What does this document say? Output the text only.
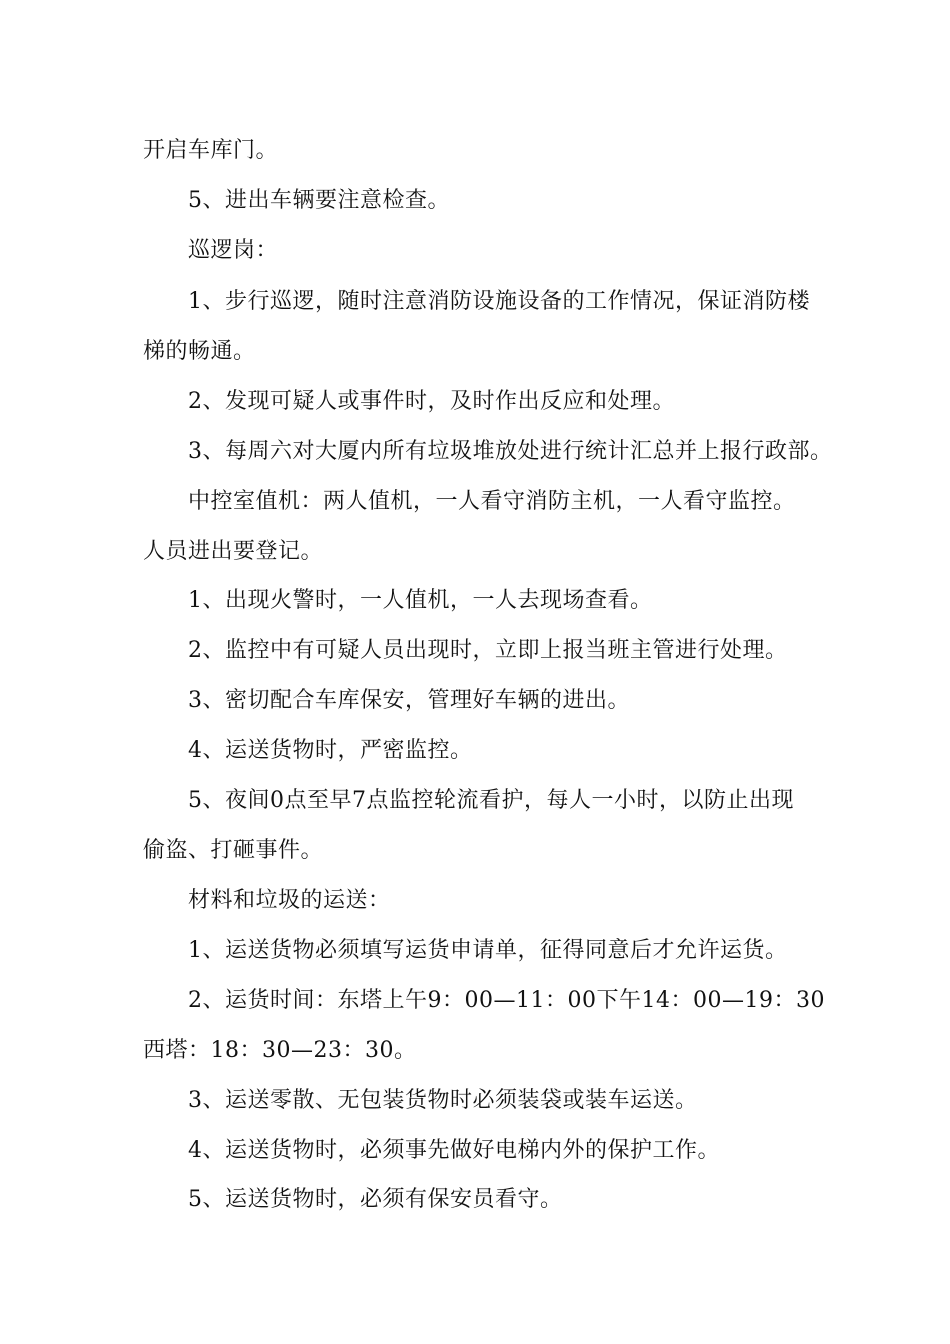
开启车库门。
5、进出车辆要注意检查。
巡逻岗：
1、步行巡逻，随时注意消防设施设备的工作情况，保证消防楼
梯的畅通。
2、发现可疑人或事件时，及时作出反应和处理。
3、每周六对大厦内所有垃圾堆放处进行统计汇总并上报行政部。
中控室值机：两人值机，一人看守消防主机，一人看守监控。
人员进出要登记。
1、出现火警时，一人值机，一人去现场查看。
2、监控中有可疑人员出现时，立即上报当班主管进行处理。
3、密切配合车库保安，管理好车辆的进出。
4、运送货物时，严密监控。
5、夜间0点至早7点监控轮流看护，每人一小时，以防止出现
偷盗、打砸事件。
材料和垃圾的运送：
1、运送货物必须填写运货申请单，征得同意后才允许运货。
2、运货时间：东塔上午9：00—11：00下午14：00—19：30
西塔：18：30—23：30。
3、运送零散、无包装货物时必须装袋或装车运送。
4、运送货物时，必须事先做好电梯内外的保护工作。
5、运送货物时，必须有保安员看守。
